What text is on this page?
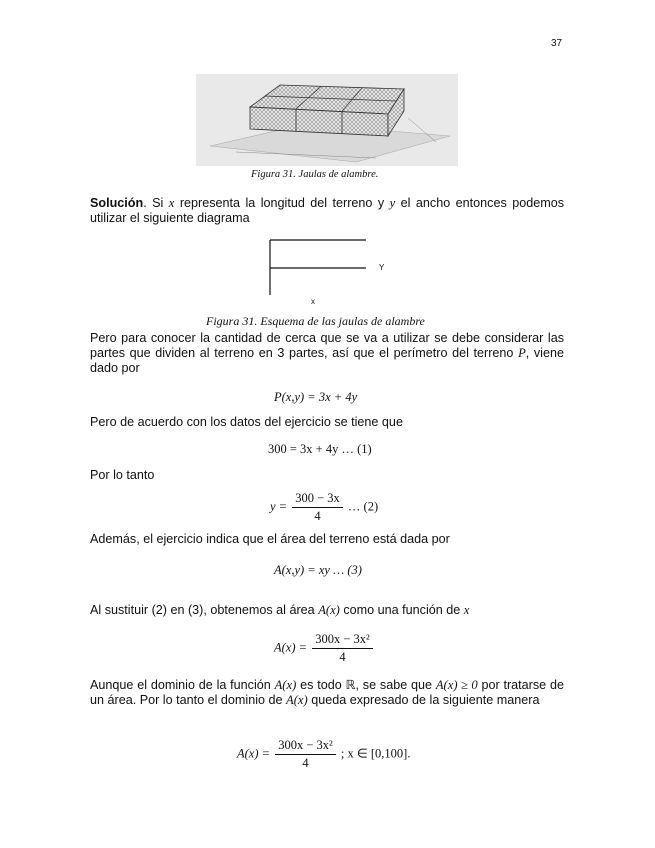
37
Figura 31. Jaulas de alambre.
Solución. Si x representa la longitud del terreno y y el ancho entonces podemos utilizar el siguiente diagrama
Y
x
Figura 31. Esquema de las jaulas de alambre
Pero para conocer la cantidad de cerca que se va a utilizar se debe considerar las partes que dividen al terreno en 3 partes, así que el perímetro del terreno P, viene dado por
P(x,y) = 3x + 4y
Pero de acuerdo con los datos del ejercicio se tiene que
300 = 3x + 4y … (1)
Por lo tanto
$y = \frac{300 - 3x}{4}$ … (2)
Además, el ejercicio indica que el área del terreno está dada por
A(x,y) = xy … (3)
Al sustituir (2) en (3), obtenemos al área A(x) como una función de x
$A(x) = \frac{\text{300x − 3x²}}{4}$
Aunque el dominio de la función A(x) es todo ℝ, se sabe que A(x) ≥ 0 por tratarse de un área. Por lo tanto el dominio de A(x) queda expresado de la siguiente manera
$A(x) = \frac{\text{300x − 3x²}}{4}$ ; x ∈ [0,100].
